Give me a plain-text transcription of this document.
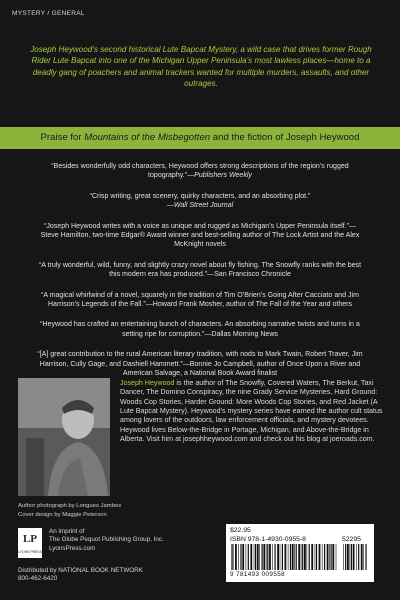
MYSTERY / GENERAL
Joseph Heywood’s second historical Lute Bapcat Mystery, a wild case that drives former Rough Rider Lute Bapcat into one of the Michigan Upper Peninsula’s most lawless places—home to a deadly gang of poachers and animal trackers wanted for multiple murders, assaults, and other outrages.
Praise for Mountains of the Misbegotten and the fiction of Joseph Heywood
“Besides wonderfully odd characters, Heywood offers strong descriptions of the region’s rugged topography.”—Publishers Weekly
“Crisp writing, great scenery, quirky characters, and an absorbing plot.”
—Wall Street Journal
“Joseph Heywood writes with a voice as unique and rugged as Michigan’s Upper Peninsula itself.”—Steve Hamilton, two-time Edgar® Award winner and best-selling author of The Lock Artist and the Alex McKnight novels
“A truly wonderful, wild, funny, and slightly crazy novel about fly fishing. The Snowfly ranks with the best this modern era has produced.”—San Francisco Chronicle
“A magical whirlwind of a novel, squarely in the tradition of Tim O’Brien’s Going After Cacciato and Jim Harrison’s Legends of the Fall.”—Howard Frank Mosher, author of The Fall of the Year and others
“Heywood has crafted an entertaining bunch of characters. An absorbing narrative twists and turns in a setting ripe for corruption.”—Dallas Morning News
“[A] great contribution to the rural American literary tradition, with nods to Mark Twain, Robert Traver, Jim Harrison, Cully Gage, and Dashiell Hammett.”—Bonnie Jo Campbell, author of Once Upon a River and American Salvage, a National Book Award finalist
Joseph Heywood is the author of The Snowfly, Covered Waters, The Berkut, Taxi Dancer, The Domino Conspiracy, the nine Grady Service Mysteries, Hard Ground: Woods Cop Stories, Harder Ground: More Woods Cop Stories, and Red Jacket (A Lute Bapcat Mystery). Heywood’s mystery series have earned the author cult status among lovers of the outdoors, law enforcement officials, and mystery devotees. Heywood lives Below-the-Bridge in Portage, Michigan, and Above-the-Bridge in Alberta. Visit him at josephheywood.com and check out his blog at joeroads.com.
Author photograph by Longues Jambes
Cover design by Maggie Peterson
LP
LYONS PRESS
An imprint of
The Globe Pequot Publishing Group, Inc.
LyonsPress.com
Distributed by NATIONAL BOOK NETWORK
800-462-6420
$22.95
ISBN 978-1-4930-0955-8	52295
9 781493 009558
